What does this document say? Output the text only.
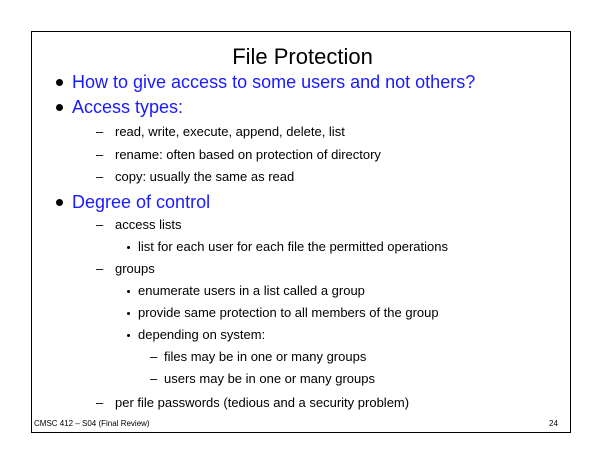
File Protection
How to give access to some users and not others?
Access types:
– read, write, execute, append, delete, list
– rename: often based on protection of directory
– copy: usually the same as read
Degree of control
– access lists
list for each user for each file the permitted operations
– groups
enumerate users in a list called a group
provide same protection to all members of the group
depending on system:
– files may be in one or many groups
– users may be in one or many groups
– per file passwords (tedious and a security problem)
CMSC 412 – S04 (Final Review)	24
